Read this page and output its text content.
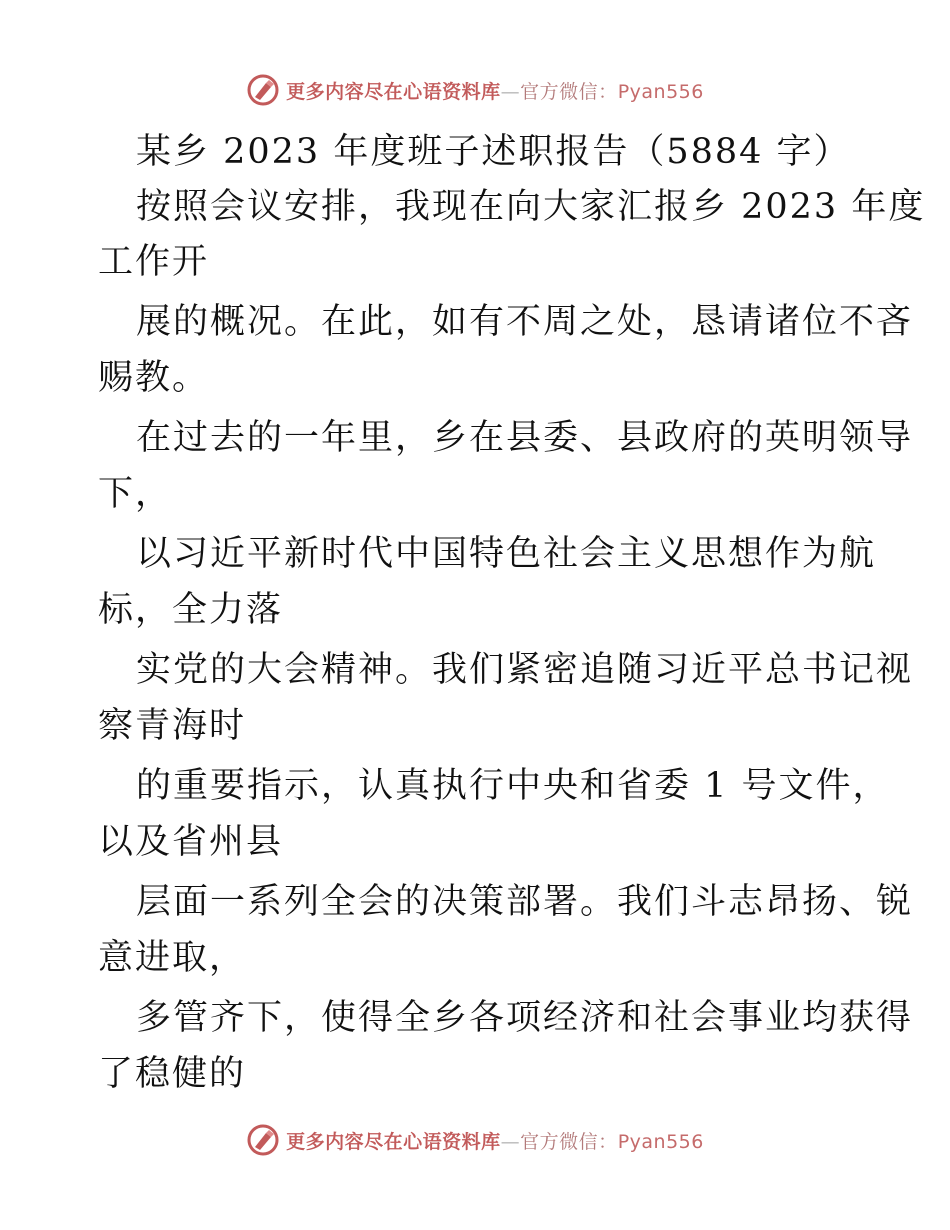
更多内容尽在心语资料库—官方微信：Pyan556
某乡 2023 年度班子述职报告（5884 字）
按照会议安排，我现在向大家汇报乡 2023 年度
工作开
展的概况。在此，如有不周之处，恳请诸位不吝
赐教。
在过去的一年里，乡在县委、县政府的英明领导
下，
以习近平新时代中国特色社会主义思想作为航
标，全力落
实党的大会精神。我们紧密追随习近平总书记视
察青海时
的重要指示，认真执行中央和省委 1 号文件，
以及省州县
层面一系列全会的决策部署。我们斗志昂扬、锐
意进取，
多管齐下，使得全乡各项经济和社会事业均获得
了稳健的
更多内容尽在心语资料库—官方微信：Pyan556
